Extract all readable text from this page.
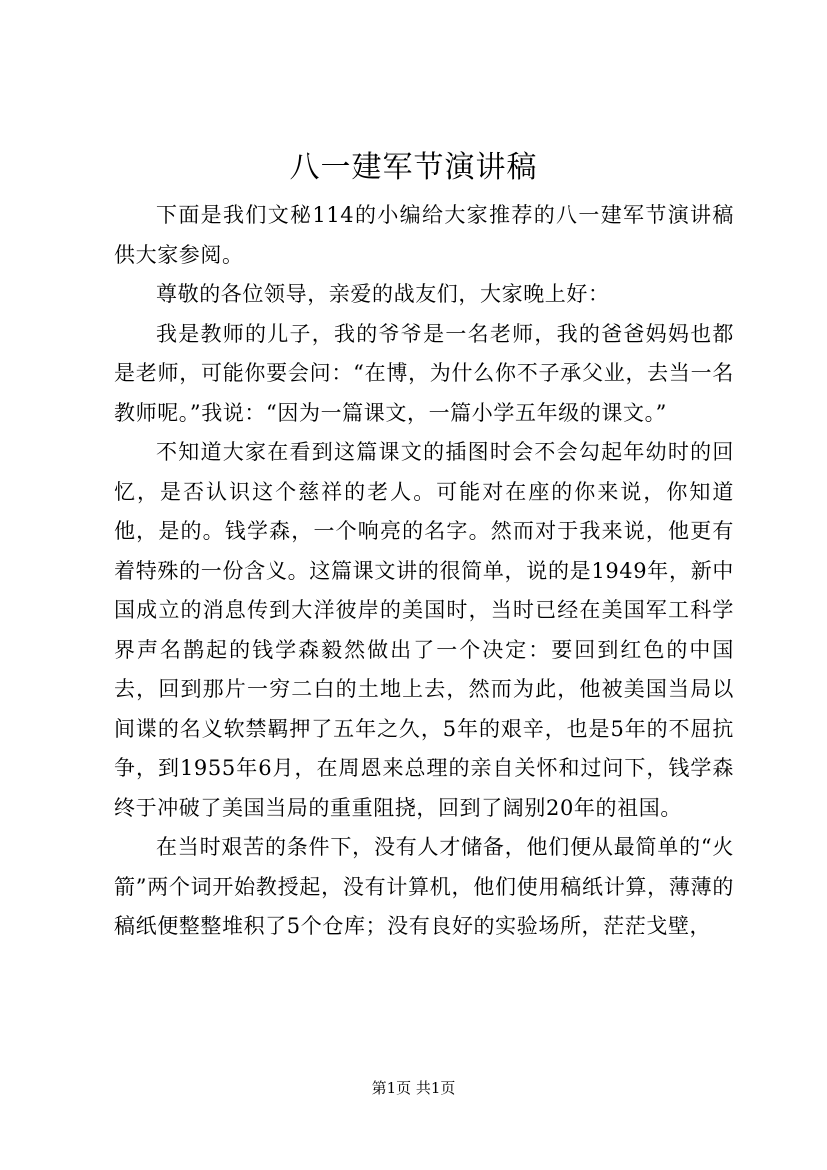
八一建军节演讲稿

下面是我们文秘114的小编给大家推荐的八一建军节演讲稿供大家参阅。

尊敬的各位领导，亲爱的战友们，大家晚上好：

我是教师的儿子，我的爷爷是一名老师，我的爸爸妈妈也都是老师，可能你要会问：“在博，为什么你不子承父业，去当一名教师呢。”我说：“因为一篇课文，一篇小学五年级的课文。”

不知道大家在看到这篇课文的插图时会不会勾起年幼时的回忆，是否认识这个慈祥的老人。可能对在座的你来说，你知道他，是的。钱学森，一个响亮的名字。然而对于我来说，他更有着特殊的一份含义。这篇课文讲的很简单，说的是1949年，新中国成立的消息传到大洋彼岸的美国时，当时已经在美国军工科学界声名鹊起的钱学森毅然做出了一个决定：要回到红色的中国去，回到那片一穷二白的土地上去，然而为此，他被美国当局以间谍的名义软禁羁押了五年之久，5年的艰辛，也是5年的不屈抗争，到1955年6月，在周恩来总理的亲自关怀和过问下，钱学森终于冲破了美国当局的重重阻挠，回到了阔别20年的祖国。

在当时艰苦的条件下，没有人才储备，他们便从最简单的“火箭”两个词开始教授起，没有计算机，他们使用稿纸计算，薄薄的稿纸便整整堆积了5个仓库；没有良好的实验场所，茫茫戈壁，

第1页 共1页
